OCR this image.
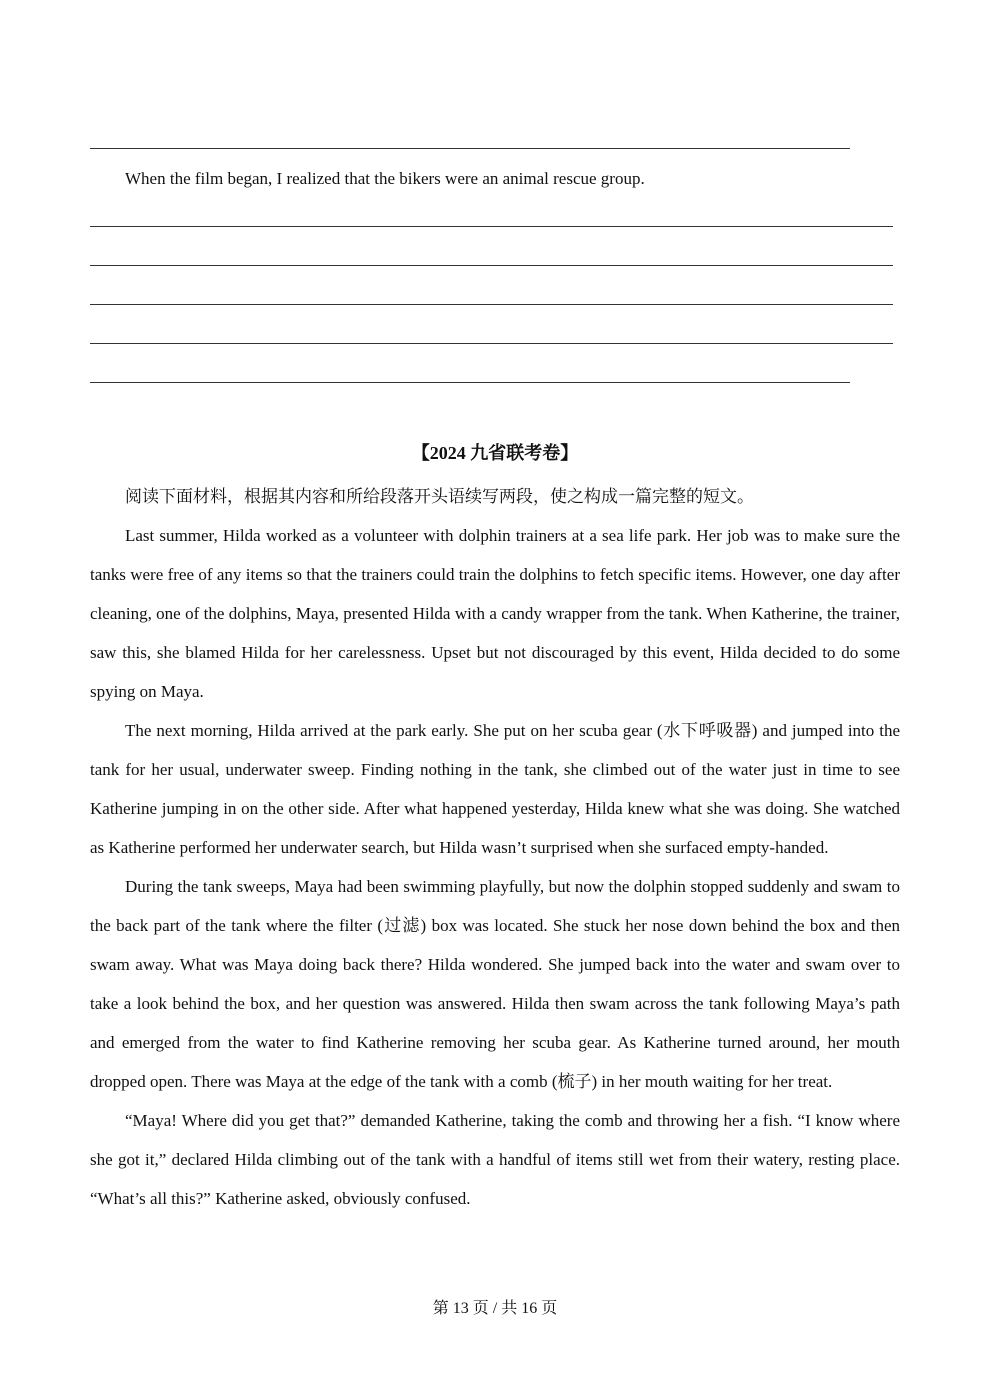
When the film began, I realized that the bikers were an animal rescue group.

【2024 九省联考卷】

阅读下面材料，根据其内容和所给段落开头语续写两段，使之构成一篇完整的短文。

Last summer, Hilda worked as a volunteer with dolphin trainers at a sea life park. Her job was to make sure the tanks were free of any items so that the trainers could train the dolphins to fetch specific items. However, one day after cleaning, one of the dolphins, Maya, presented Hilda with a candy wrapper from the tank. When Katherine, the trainer, saw this, she blamed Hilda for her carelessness. Upset but not discouraged by this event, Hilda decided to do some spying on Maya.

The next morning, Hilda arrived at the park early. She put on her scuba gear (水下呼吸器) and jumped into the tank for her usual, underwater sweep. Finding nothing in the tank, she climbed out of the water just in time to see Katherine jumping in on the other side. After what happened yesterday, Hilda knew what she was doing. She watched as Katherine performed her underwater search, but Hilda wasn’t surprised when she surfaced empty-handed.

During the tank sweeps, Maya had been swimming playfully, but now the dolphin stopped suddenly and swam to the back part of the tank where the filter (过滤) box was located. She stuck her nose down behind the box and then swam away. What was Maya doing back there? Hilda wondered. She jumped back into the water and swam over to take a look behind the box, and her question was answered. Hilda then swam across the tank following Maya’s path and emerged from the water to find Katherine removing her scuba gear. As Katherine turned around, her mouth dropped open. There was Maya at the edge of the tank with a comb (梳子) in her mouth waiting for her treat.

“Maya! Where did you get that?” demanded Katherine, taking the comb and throwing her a fish. “I know where she got it,” declared Hilda climbing out of the tank with a handful of items still wet from their watery, resting place. “What’s all this?” Katherine asked, obviously confused.

第 13 页 / 共 16 页
